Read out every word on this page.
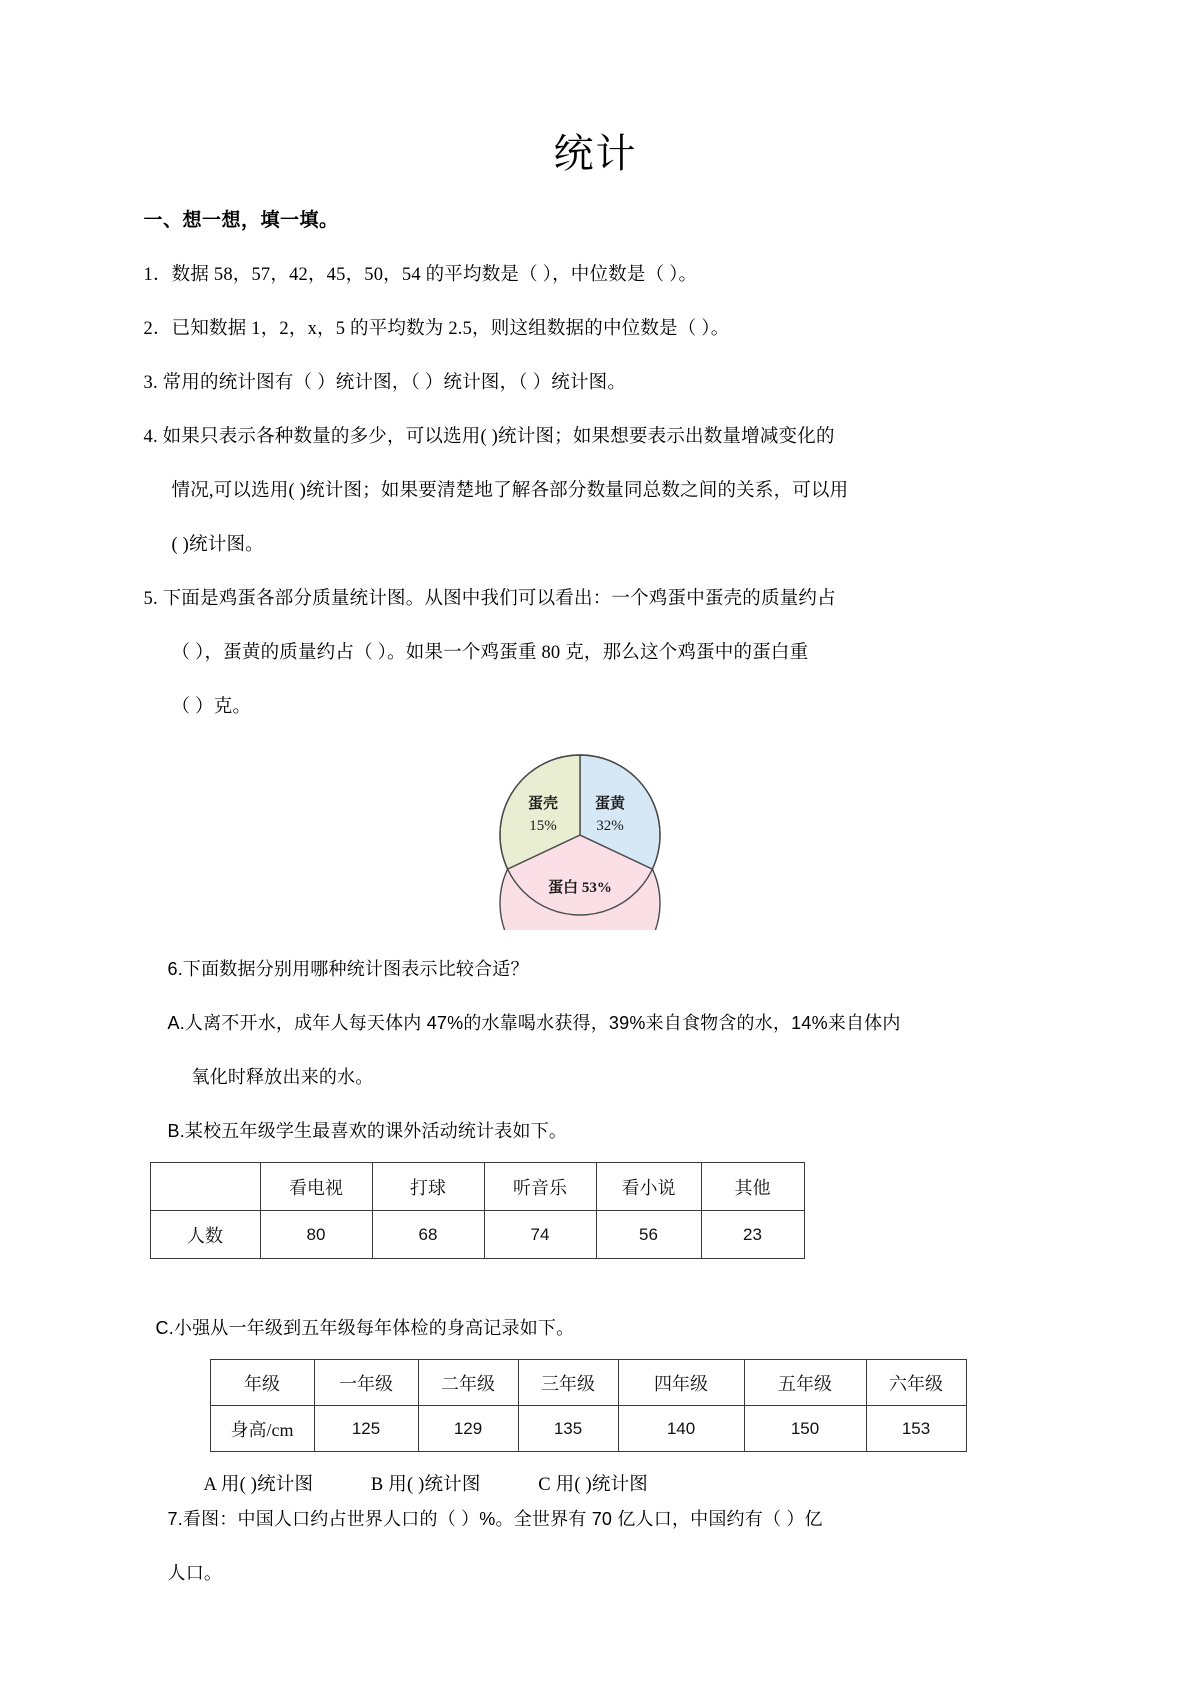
统计
一、想一想，填一填。

1．数据 58，57，42，45，50，54 的平均数是（ ），中位数是（ ）。

2．已知数据 1，2，x，5 的平均数为 2.5，则这组数据的中位数是（ ）。

3. 常用的统计图有（ ）统计图，（ ）统计图，（ ）统计图。

4. 如果只表示各种数量的多少，可以选用( )统计图；如果想要表示出数量增减变化的

情况,可以选用( )统计图；如果要清楚地了解各部分数量同总数之间的关系，可以用

( )统计图。

5. 下面是鸡蛋各部分质量统计图。从图中我们可以看出：一个鸡蛋中蛋壳的质量约占

（ ），蛋黄的质量约占（ ）。如果一个鸡蛋重 80 克，那么这个鸡蛋中的蛋白重

（ ）克。

蛋黄
32%
蛋壳
15%
蛋白 53%

6.下面数据分别用哪种统计图表示比较合适？

A.人离不开水，成年人每天体内 47%的水靠喝水获得，39%来自食物含的水，14%来自体内

氧化时释放出来的水。

B.某校五年级学生最喜欢的课外活动统计表如下。

	看电视	打球	听音乐	看小说	其他
人数	80	68	74	56	23

C.小强从一年级到五年级每年体检的身高记录如下。

年级	一年级	二年级	三年级	四年级	五年级	六年级
身高/cm	125	129	135	140	150	153
A 用( )统计图	B 用( )统计图	C 用( )统计图

7.看图：中国人口约占世界人口的（ ）%。全世界有 70 亿人口，中国约有（ ）亿

人口。
